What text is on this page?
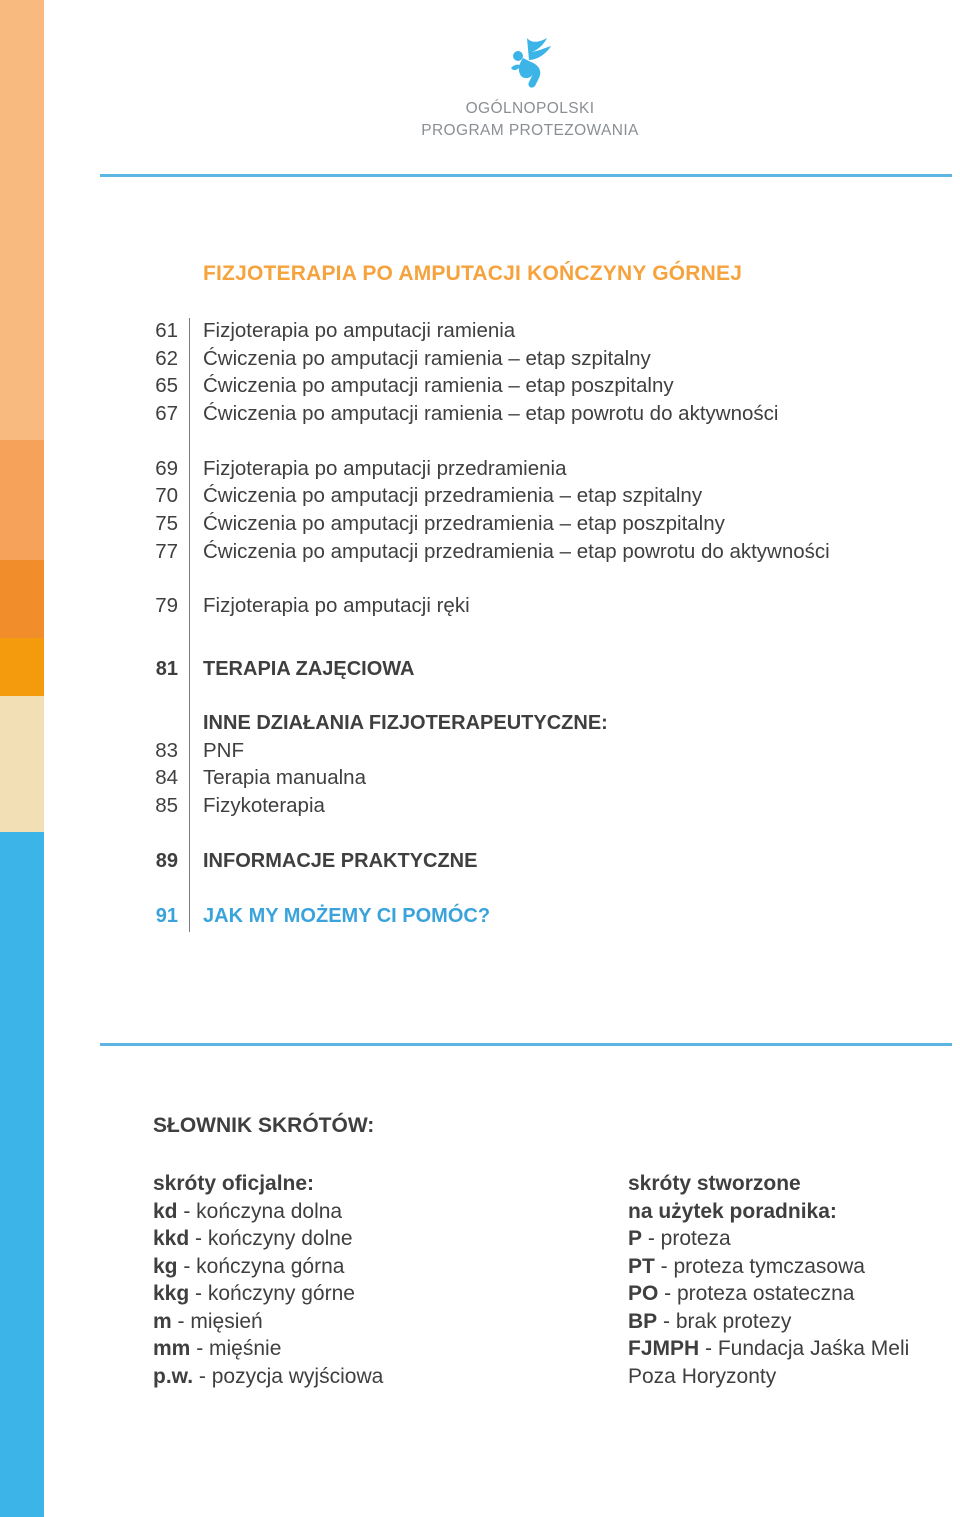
OGÓLNOPOLSKI
PROGRAM PROTEZOWANIA
FIZJOTERAPIA PO AMPUTACJI KOŃCZYNY GÓRNEJ
61 Fizjoterapia po amputacji ramienia
62 Ćwiczenia po amputacji ramienia – etap szpitalny
65 Ćwiczenia po amputacji ramienia – etap poszpitalny
67 Ćwiczenia po amputacji ramienia – etap powrotu do aktywności
69 Fizjoterapia po amputacji przedramienia
70 Ćwiczenia po amputacji przedramienia – etap szpitalny
75 Ćwiczenia po amputacji przedramienia – etap poszpitalny
77 Ćwiczenia po amputacji przedramienia – etap powrotu do aktywności
79 Fizjoterapia po amputacji ręki
81 TERAPIA ZAJĘCIOWA
INNE DZIAŁANIA FIZJOTERAPEUTYCZNE:
83 PNF
84 Terapia manualna
85 Fizykoterapia
89 INFORMACJE PRAKTYCZNE
91 JAK MY MOŻEMY CI POMÓC?
SŁOWNIK SKRÓTÓW:
skróty oficjalne:
kd - kończyna dolna
kkd - kończyny dolne
kg - kończyna górna
kkg - kończyny górne
m - mięsień
mm - mięśnie
p.w. - pozycja wyjściowa
skróty stworzone
na użytek poradnika:
P - proteza
PT - proteza tymczasowa
PO - proteza ostateczna
BP - brak protezy
FJMPH - Fundacja Jaśka Meli
Poza Horyzonty
